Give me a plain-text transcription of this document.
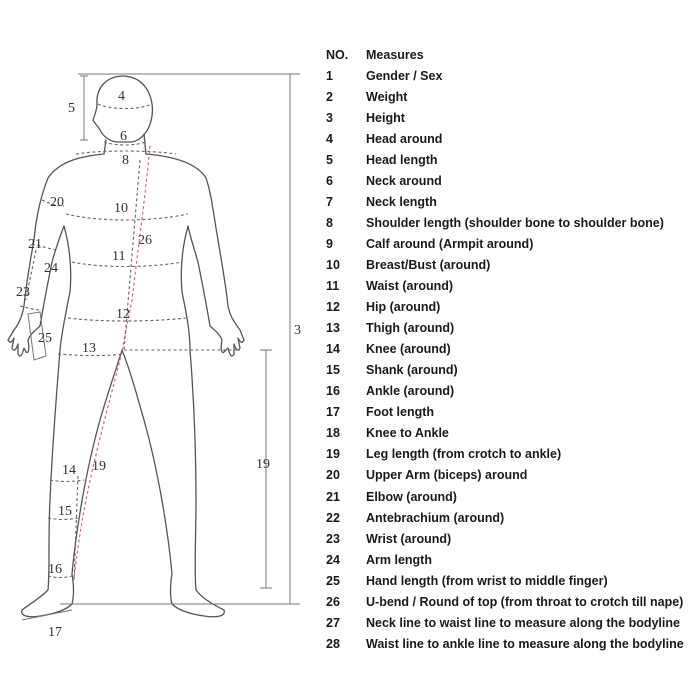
3
4
5
6
8
10
11
12
13
14
15
16
17
19	19
20
21
23
24
25
26
NO.	Measures
1	Gender / Sex
2	Weight
3	Height
4	Head around
5	Head length
6	Neck around
7	Neck length
8	Shoulder length (shoulder bone to shoulder bone)
9	Calf around (Armpit around)
10	Breast/Bust (around)
11	Waist (around)
12	Hip (around)
13	Thigh (around)
14	Knee (around)
15	Shank (around)
16	Ankle (around)
17	Foot length
18	Knee to Ankle
19	Leg length (from crotch to ankle)
20	Upper Arm (biceps) around
21	Elbow (around)
22	Antebrachium (around)
23	Wrist (around)
24	Arm length
25	Hand length (from wrist to middle finger)
26	U-bend / Round of top (from throat to crotch till nape)
27	Neck line to waist line to measure along the bodyline
28	Waist line to ankle line to measure along the bodyline
